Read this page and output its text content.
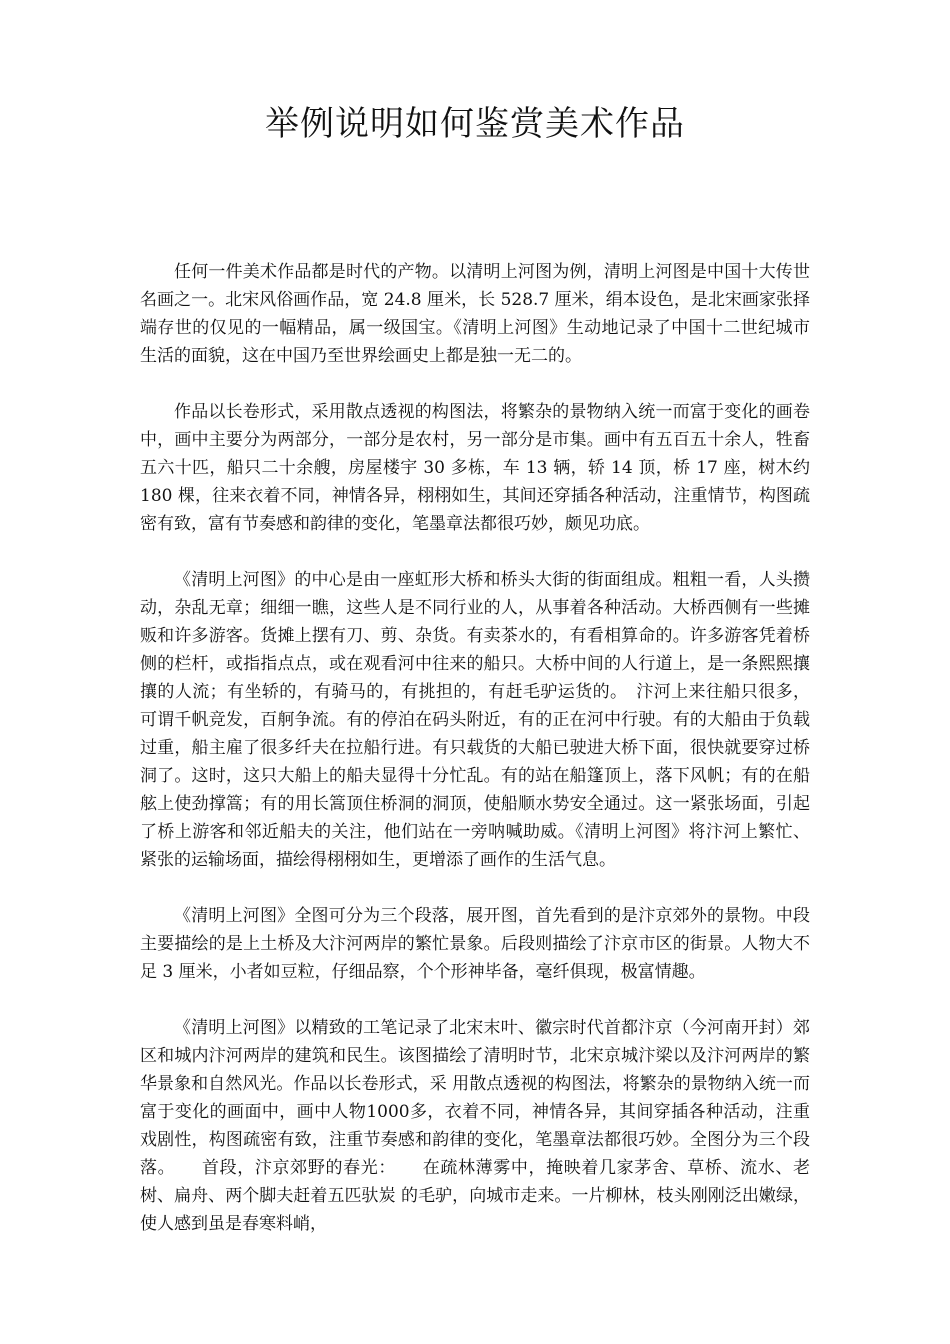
举例说明如何鉴赏美术作品

任何一件美术作品都是时代的产物。以清明上河图为例，清明上河图是中国十大传世名画之一。北宋风俗画作品，宽 24.8 厘米，长 528.7 厘米，绢本设色，是北宋画家张择端存世的仅见的一幅精品，属一级国宝。《清明上河图》生动地记录了中国十二世纪城市生活的面貌，这在中国乃至世界绘画史上都是独一无二的。

作品以长卷形式，采用散点透视的构图法，将繁杂的景物纳入统一而富于变化的画卷中，画中主要分为两部分，一部分是农村，另一部分是市集。画中有五百五十余人，牲畜五六十匹，船只二十余艘，房屋楼宇 30 多栋，车 13 辆，轿 14 顶，桥 17 座，树木约 180 棵，往来衣着不同，神情各异，栩栩如生，其间还穿插各种活动，注重情节，构图疏密有致，富有节奏感和韵律的变化，笔墨章法都很巧妙，颇见功底。

《清明上河图》的中心是由一座虹形大桥和桥头大街的街面组成。粗粗一看，人头攒动，杂乱无章；细细一瞧，这些人是不同行业的人，从事着各种活动。大桥西侧有一些摊贩和许多游客。货摊上摆有刀、剪、杂货。有卖茶水的，有看相算命的。许多游客凭着桥侧的栏杆，或指指点点，或在观看河中往来的船只。大桥中间的人行道上，是一条熙熙攘攘的人流；有坐轿的，有骑马的，有挑担的，有赶毛驴运货的。　汴河上来往船只很多，可谓千帆竞发，百舸争流。有的停泊在码头附近，有的正在河中行驶。有的大船由于负载过重，船主雇了很多纤夫在拉船行进。有只载货的大船已驶进大桥下面，很快就要穿过桥洞了。这时，这只大船上的船夫显得十分忙乱。有的站在船篷顶上，落下风帆；有的在船舷上使劲撑篙；有的用长篙顶住桥洞的洞顶，使船顺水势安全通过。这一紧张场面，引起了桥上游客和邻近船夫的关注，他们站在一旁呐喊助威。《清明上河图》将汴河上繁忙、紧张的运输场面，描绘得栩栩如生，更增添了画作的生活气息。

《清明上河图》全图可分为三个段落，展开图，首先看到的是汴京郊外的景物。中段主要描绘的是上土桥及大汴河两岸的繁忙景象。后段则描绘了汴京市区的街景。人物大不足 3 厘米，小者如豆粒，仔细品察，个个形神毕备，毫纤俱现，极富情趣。

《清明上河图》以精致的工笔记录了北宋末叶、徽宗时代首都汴京（今河南开封）郊区和城内汴河两岸的建筑和民生。该图描绘了清明时节，北宋京城汴梁以及汴河两岸的繁华景象和自然风光。作品以长卷形式，采 用散点透视的构图法，将繁杂的景物纳入统一而富于变化的画面中，画中人物1000多，衣着不同，神情各异，其间穿插各种活动，注重戏剧性，构图疏密有致，注重节奏感和韵律的变化，笔墨章法都很巧妙。全图分为三个段落。　　首段，汴京郊野的春光：　　在疏林薄雾中，掩映着几家茅舍、草桥、流水、老树、扁舟、两个脚夫赶着五匹驮炭 的毛驴，向城市走来。一片柳林，枝头刚刚泛出嫩绿，使人感到虽是春寒料峭，
